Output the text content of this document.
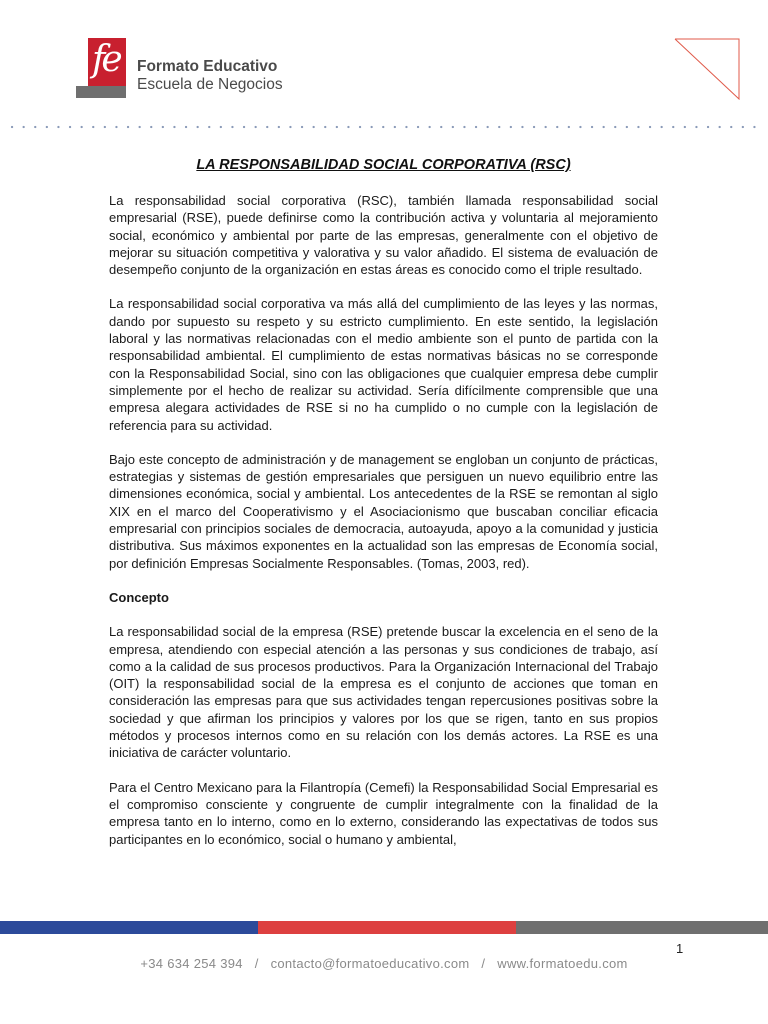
fe Formato Educativo
Escuela de Negocios
LA RESPONSABILIDAD SOCIAL CORPORATIVA (RSC)

La responsabilidad social corporativa (RSC), también llamada responsabilidad social empresarial (RSE), puede definirse como la contribución activa y voluntaria al mejoramiento social, económico y ambiental por parte de las empresas, generalmente con el objetivo de mejorar su situación competitiva y valorativa y su valor añadido. El sistema de evaluación de desempeño conjunto de la organización en estas áreas es conocido como el triple resultado.

La responsabilidad social corporativa va más allá del cumplimiento de las leyes y las normas, dando por supuesto su respeto y su estricto cumplimiento. En este sentido, la legislación laboral y las normativas relacionadas con el medio ambiente son el punto de partida con la responsabilidad ambiental. El cumplimiento de estas normativas básicas no se corresponde con la Responsabilidad Social, sino con las obligaciones que cualquier empresa debe cumplir simplemente por el hecho de realizar su actividad. Sería difícilmente comprensible que una empresa alegara actividades de RSE si no ha cumplido o no cumple con la legislación de referencia para su actividad.

Bajo este concepto de administración y de management se engloban un conjunto de prácticas, estrategias y sistemas de gestión empresariales que persiguen un nuevo equilibrio entre las dimensiones económica, social y ambiental. Los antecedentes de la RSE se remontan al siglo XIX en el marco del Cooperativismo y el Asociacionismo que buscaban conciliar eficacia empresarial con principios sociales de democracia, autoayuda, apoyo a la comunidad y justicia distributiva. Sus máximos exponentes en la actualidad son las empresas de Economía social, por definición Empresas Socialmente Responsables. (Tomas, 2003, red).

Concepto

La responsabilidad social de la empresa (RSE) pretende buscar la excelencia en el seno de la empresa, atendiendo con especial atención a las personas y sus condiciones de trabajo, así como a la calidad de sus procesos productivos. Para la Organización Internacional del Trabajo (OIT) la responsabilidad social de la empresa es el conjunto de acciones que toman en consideración las empresas para que sus actividades tengan repercusiones positivas sobre la sociedad y que afirman los principios y valores por los que se rigen, tanto en sus propios métodos y procesos internos como en su relación con los demás actores. La RSE es una iniciativa de carácter voluntario.

Para el Centro Mexicano para la Filantropía (Cemefi) la Responsabilidad Social Empresarial es el compromiso consciente y congruente de cumplir integralmente con la finalidad de la empresa tanto en lo interno, como en lo externo, considerando las expectativas de todos sus participantes en lo económico, social o humano y ambiental,

1
+34 634 254 394 / contacto@formatoeducativo.com / www.formatoedu.com
